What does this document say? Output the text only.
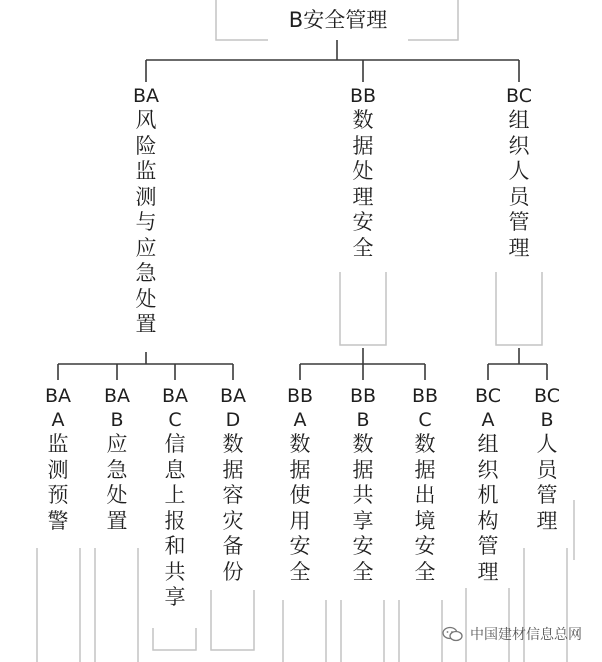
B安全管理
BA
风险监测与应急处置
BB
数据处理安全
BC
组织人员管理
BA
A
监测预警
BA
B
应急处置
BA
C
信息上报和共享
BA
D
数据容灾备份
BB
A
数据使用安全
BB
B
数据共享安全
BB
C
数据出境安全
BC
A
组织机构管理
BC
B
人员管理
中国建材信息总网
